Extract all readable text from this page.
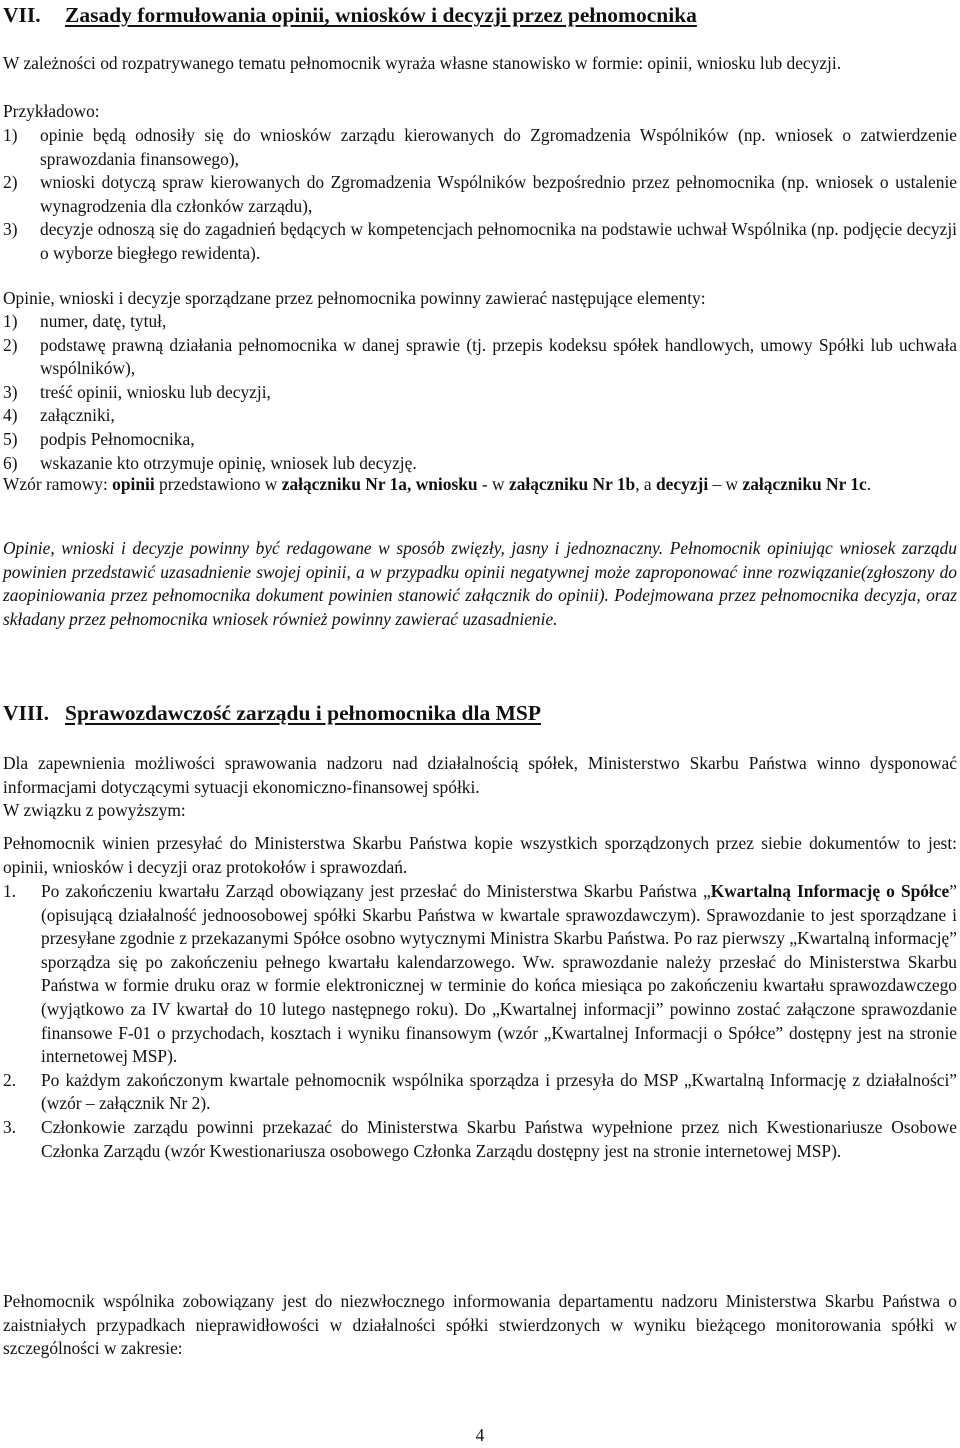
VII. Zasady formułowania opinii, wniosków i decyzji przez pełnomocnika
W zależności od rozpatrywanego tematu pełnomocnik wyraża własne stanowisko w formie: opinii, wniosku lub decyzji.
Przykładowo:
1)	opinie będą odnosiły się do wniosków zarządu kierowanych do Zgromadzenia Wspólników (np. wniosek o zatwierdzenie sprawozdania finansowego),
2)	wnioski dotyczą spraw kierowanych do Zgromadzenia Wspólników bezpośrednio przez pełnomocnika (np. wniosek o ustalenie wynagrodzenia dla członków zarządu),
3)	decyzje odnoszą się do zagadnień będących w kompetencjach pełnomocnika na podstawie uchwał Wspólnika (np. podjęcie decyzji o wyborze biegłego rewidenta).
Opinie, wnioski i decyzje sporządzane przez pełnomocnika powinny zawierać następujące elementy:
1)	numer, datę, tytuł,
2)	podstawę prawną działania pełnomocnika w danej sprawie (tj. przepis kodeksu spółek handlowych, umowy Spółki lub uchwała wspólników),
3)	treść opinii, wniosku lub decyzji,
4)	załączniki,
5)	podpis Pełnomocnika,
6)	wskazanie kto otrzymuje opinię, wniosek lub decyzję.
Wzór ramowy: opinii przedstawiono w załączniku Nr 1a, wniosku - w załączniku Nr 1b, a decyzji – w załączniku Nr 1c.
Opinie, wnioski i decyzje powinny być redagowane w sposób zwięzły, jasny i jednoznaczny. Pełnomocnik opiniując wniosek zarządu powinien przedstawić uzasadnienie swojej opinii, a w przypadku opinii negatywnej może zaproponować inne rozwiązanie(zgłoszony do zaopiniowania przez pełnomocnika dokument powinien stanowić załącznik do opinii). Podejmowana przez pełnomocnika decyzja, oraz składany przez pełnomocnika wniosek również powinny zawierać uzasadnienie.
VIII. Sprawozdawczość zarządu i pełnomocnika dla MSP
Dla zapewnienia możliwości sprawowania nadzoru nad działalnością spółek, Ministerstwo Skarbu Państwa winno dysponować informacjami dotyczącymi sytuacji ekonomiczno-finansowej spółki.
W związku z powyższym:
Pełnomocnik winien przesyłać do Ministerstwa Skarbu Państwa kopie wszystkich sporządzonych przez siebie dokumentów to jest: opinii, wniosków i decyzji oraz protokołów i sprawozdań.
1.	Po zakończeniu kwartału Zarząd obowiązany jest przesłać do Ministerstwa Skarbu Państwa „Kwartalną Informację o Spółce” (opisującą działalność jednoosobowej spółki Skarbu Państwa w kwartale sprawozdawczym). Sprawozdanie to jest sporządzane i przesyłane zgodnie z przekazanymi Spółce osobno wytycznymi Ministra Skarbu Państwa. Po raz pierwszy „Kwartalną informację” sporządza się po zakończeniu pełnego kwartału kalendarzowego. Ww. sprawozdanie należy przesłać do Ministerstwa Skarbu Państwa w formie druku oraz w formie elektronicznej w terminie do końca miesiąca po zakończeniu kwartału sprawozdawczego (wyjątkowo za IV kwartał do 10 lutego następnego roku). Do „Kwartalnej informacji” powinno zostać załączone sprawozdanie finansowe F-01 o przychodach, kosztach i wyniku finansowym (wzór „Kwartalnej Informacji o Spółce” dostępny jest na stronie internetowej MSP).
2.	Po każdym zakończonym kwartale pełnomocnik wspólnika sporządza i przesyła do MSP „Kwartalną Informację z działalności” (wzór – załącznik Nr 2).
3.	Członkowie zarządu powinni przekazać do Ministerstwa Skarbu Państwa wypełnione przez nich Kwestionariusze Osobowe Członka Zarządu (wzór Kwestionariusza osobowego Członka Zarządu dostępny jest na stronie internetowej MSP).
Pełnomocnik wspólnika zobowiązany jest do niezwłocznego informowania departamentu nadzoru Ministerstwa Skarbu Państwa o zaistniałych przypadkach nieprawidłowości w działalności spółki stwierdzonych w wyniku bieżącego monitorowania spółki w szczególności w zakresie:
4
